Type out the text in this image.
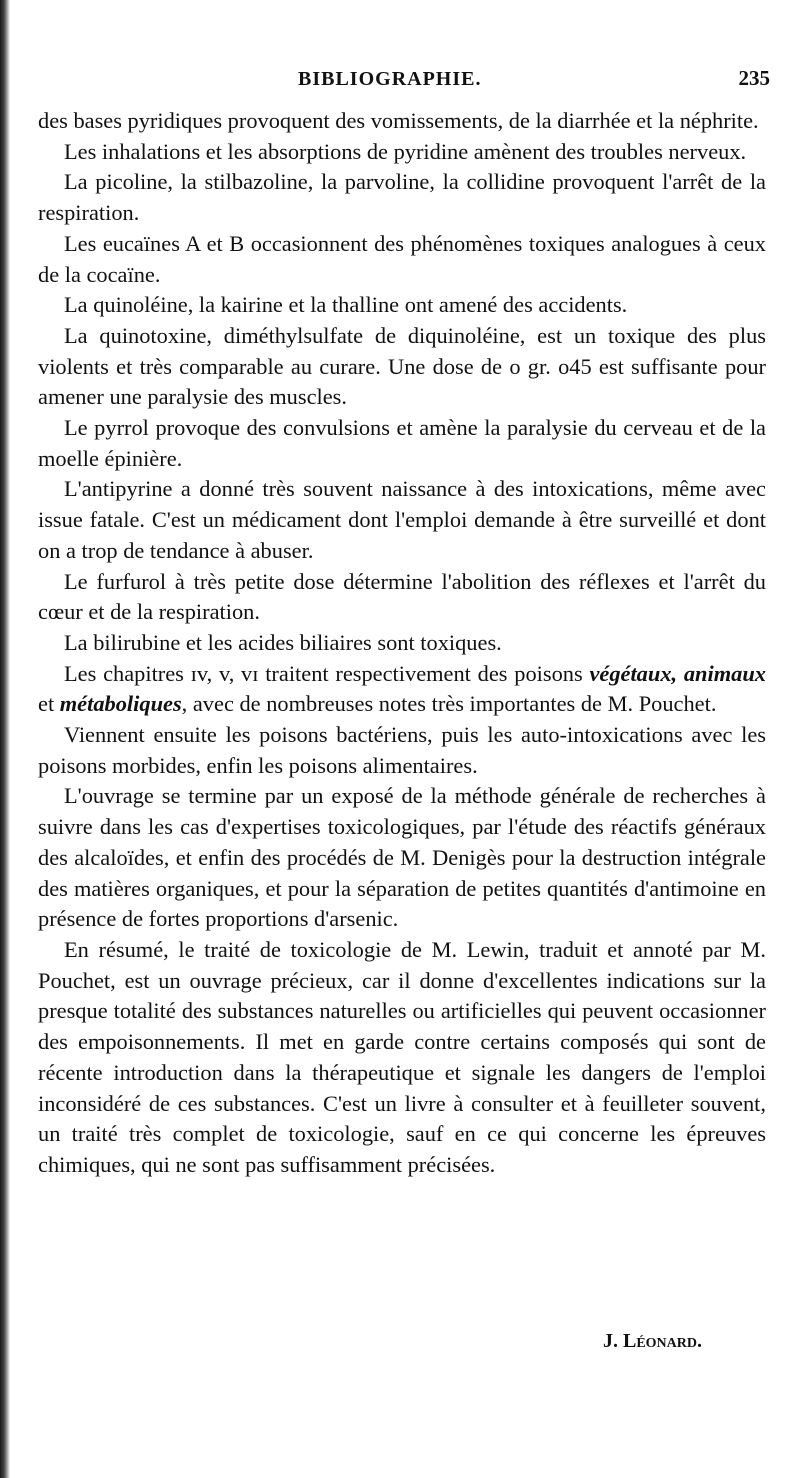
BIBLIOGRAPHIE.	235

des bases pyridiques provoquent des vomissements, de la diarrhée et la néphrite.

Les inhalations et les absorptions de pyridine amènent des troubles nerveux.

La picoline, la stilbazoline, la parvoline, la collidine provoquent l'arrêt de la respiration.

Les eucaïnes A et B occasionnent des phénomènes toxiques analogues à ceux de la cocaïne.

La quinoléine, la kairine et la thalline ont amené des accidents.

La quinotoxine, diméthylsulfate de diquinoléine, est un toxique des plus violents et très comparable au curare. Une dose de o gr. o45 est suffisante pour amener une paralysie des muscles.

Le pyrrol provoque des convulsions et amène la paralysie du cerveau et de la moelle épinière.

L'antipyrine a donné très souvent naissance à des intoxications, même avec issue fatale. C'est un médicament dont l'emploi demande à être surveillé et dont on a trop de tendance à abuser.

Le furfurol à très petite dose détermine l'abolition des réflexes et l'arrêt du cœur et de la respiration.

La bilirubine et les acides biliaires sont toxiques.

Les chapitres ɪv, v, vɪ traitent respectivement des poisons végétaux, animaux et métaboliques, avec de nombreuses notes très importantes de M. Pouchet.

Viennent ensuite les poisons bactériens, puis les auto-intoxications avec les poisons morbides, enfin les poisons alimentaires.

L'ouvrage se termine par un exposé de la méthode générale de recherches à suivre dans les cas d'expertises toxicologiques, par l'étude des réactifs généraux des alcaloïdes, et enfin des procédés de M. Denigès pour la destruction intégrale des matières organiques, et pour la séparation de petites quantités d'antimoine en présence de fortes proportions d'arsenic.

En résumé, le traité de toxicologie de M. Lewin, traduit et annoté par M. Pouchet, est un ouvrage précieux, car il donne d'excellentes indications sur la presque totalité des substances naturelles ou artificielles qui peuvent occasionner des empoisonnements. Il met en garde contre certains composés qui sont de récente introduction dans la thérapeutique et signale les dangers de l'emploi inconsidéré de ces substances. C'est un livre à consulter et à feuilleter souvent, un traité très complet de toxicologie, sauf en ce qui concerne les épreuves chimiques, qui ne sont pas suffisamment précisées.

J. Léonard.
